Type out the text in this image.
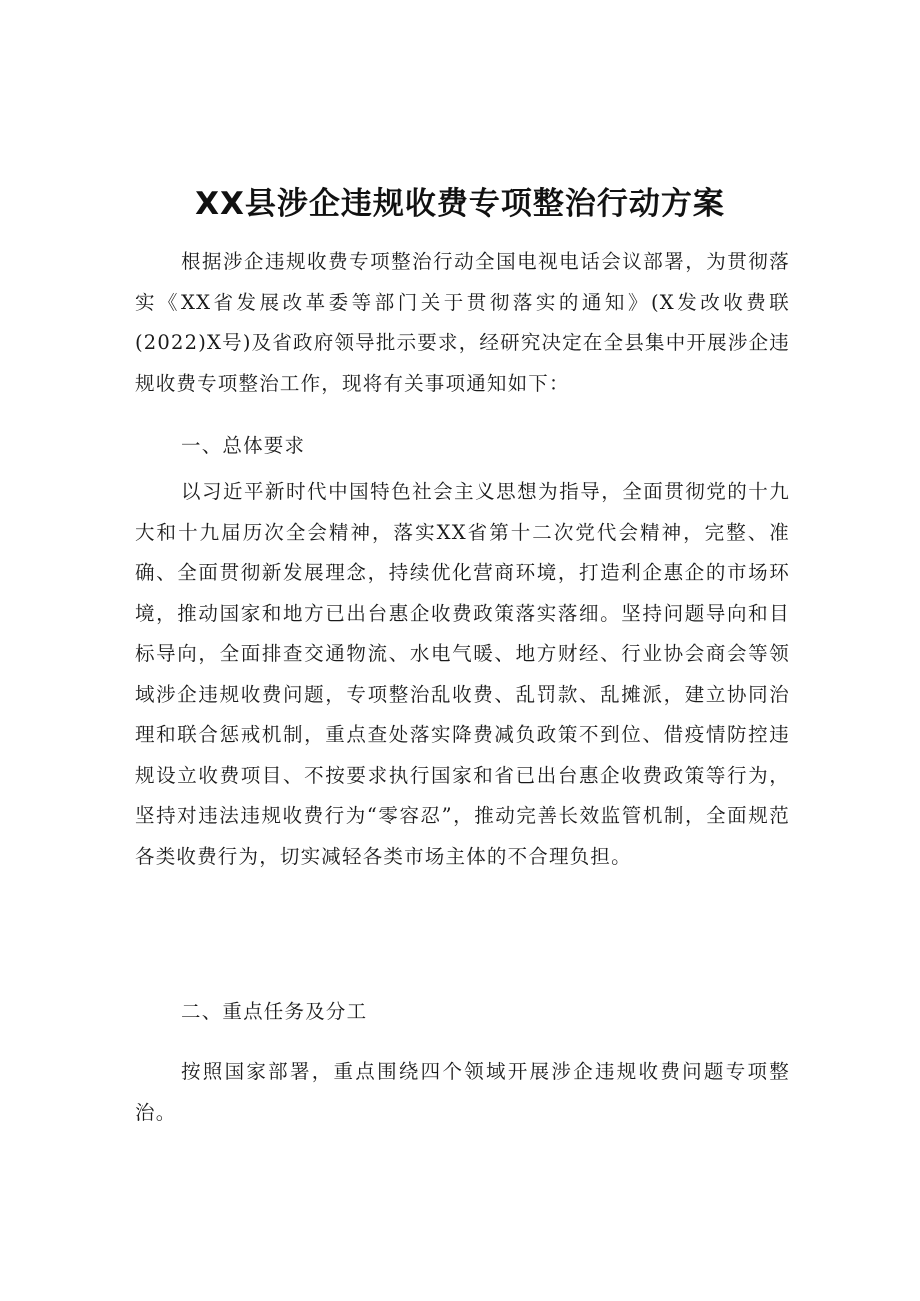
XX县涉企违规收费专项整治行动方案

根据涉企违规收费专项整治行动全国电视电话会议部署，为贯彻落实《XX省发展改革委等部门关于贯彻落实的通知》(X发改收费联(2022)X号)及省政府领导批示要求，经研究决定在全县集中开展涉企违规收费专项整治工作，现将有关事项通知如下：

一、总体要求

以习近平新时代中国特色社会主义思想为指导，全面贯彻党的十九大和十九届历次全会精神，落实XX省第十二次党代会精神，完整、准确、全面贯彻新发展理念，持续优化营商环境，打造利企惠企的市场环境，推动国家和地方已出台惠企收费政策落实落细。坚持问题导向和目标导向，全面排查交通物流、水电气暖、地方财经、行业协会商会等领域涉企违规收费问题，专项整治乱收费、乱罚款、乱摊派，建立协同治理和联合惩戒机制，重点查处落实降费减负政策不到位、借疫情防控违规设立收费项目、不按要求执行国家和省已出台惠企收费政策等行为，坚持对违法违规收费行为“零容忍”，推动完善长效监管机制，全面规范各类收费行为，切实减轻各类市场主体的不合理负担。

二、重点任务及分工

按照国家部署，重点围绕四个领域开展涉企违规收费问题专项整治。
